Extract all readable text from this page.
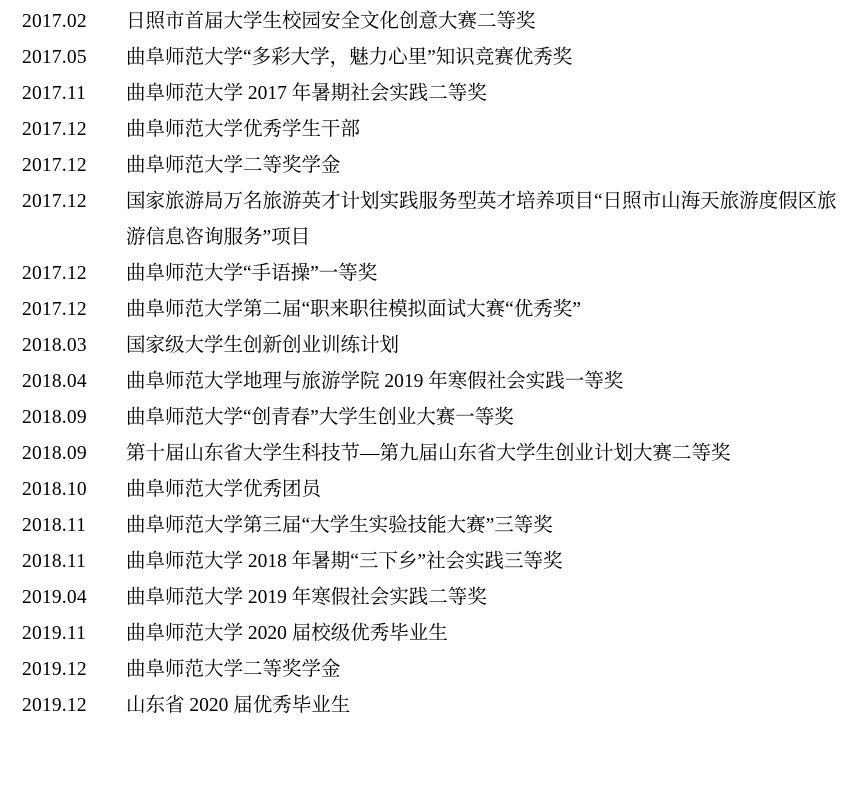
2017.02	日照市首届大学生校园安全文化创意大赛二等奖
2017.05	曲阜师范大学“多彩大学，魅力心里”知识竞赛优秀奖
2017.11	曲阜师范大学 2017 年暑期社会实践二等奖
2017.12	曲阜师范大学优秀学生干部
2017.12	曲阜师范大学二等奖学金
2017.12	国家旅游局万名旅游英才计划实践服务型英才培养项目“日照市山海天旅游度假区旅游信息咨询服务”项目
2017.12	曲阜师范大学“手语操”一等奖
2017.12	曲阜师范大学第二届“职来职往模拟面试大赛“优秀奖”
2018.03	国家级大学生创新创业训练计划
2018.04	曲阜师范大学地理与旅游学院 2019 年寒假社会实践一等奖
2018.09	曲阜师范大学“创青春”大学生创业大赛一等奖
2018.09	第十届山东省大学生科技节—第九届山东省大学生创业计划大赛二等奖
2018.10	曲阜师范大学优秀团员
2018.11	曲阜师范大学第三届“大学生实验技能大赛”三等奖
2018.11	曲阜师范大学 2018 年暑期“三下乡”社会实践三等奖
2019.04	曲阜师范大学 2019 年寒假社会实践二等奖
2019.11	曲阜师范大学 2020 届校级优秀毕业生
2019.12	曲阜师范大学二等奖学金
2019.12	山东省 2020 届优秀毕业生
